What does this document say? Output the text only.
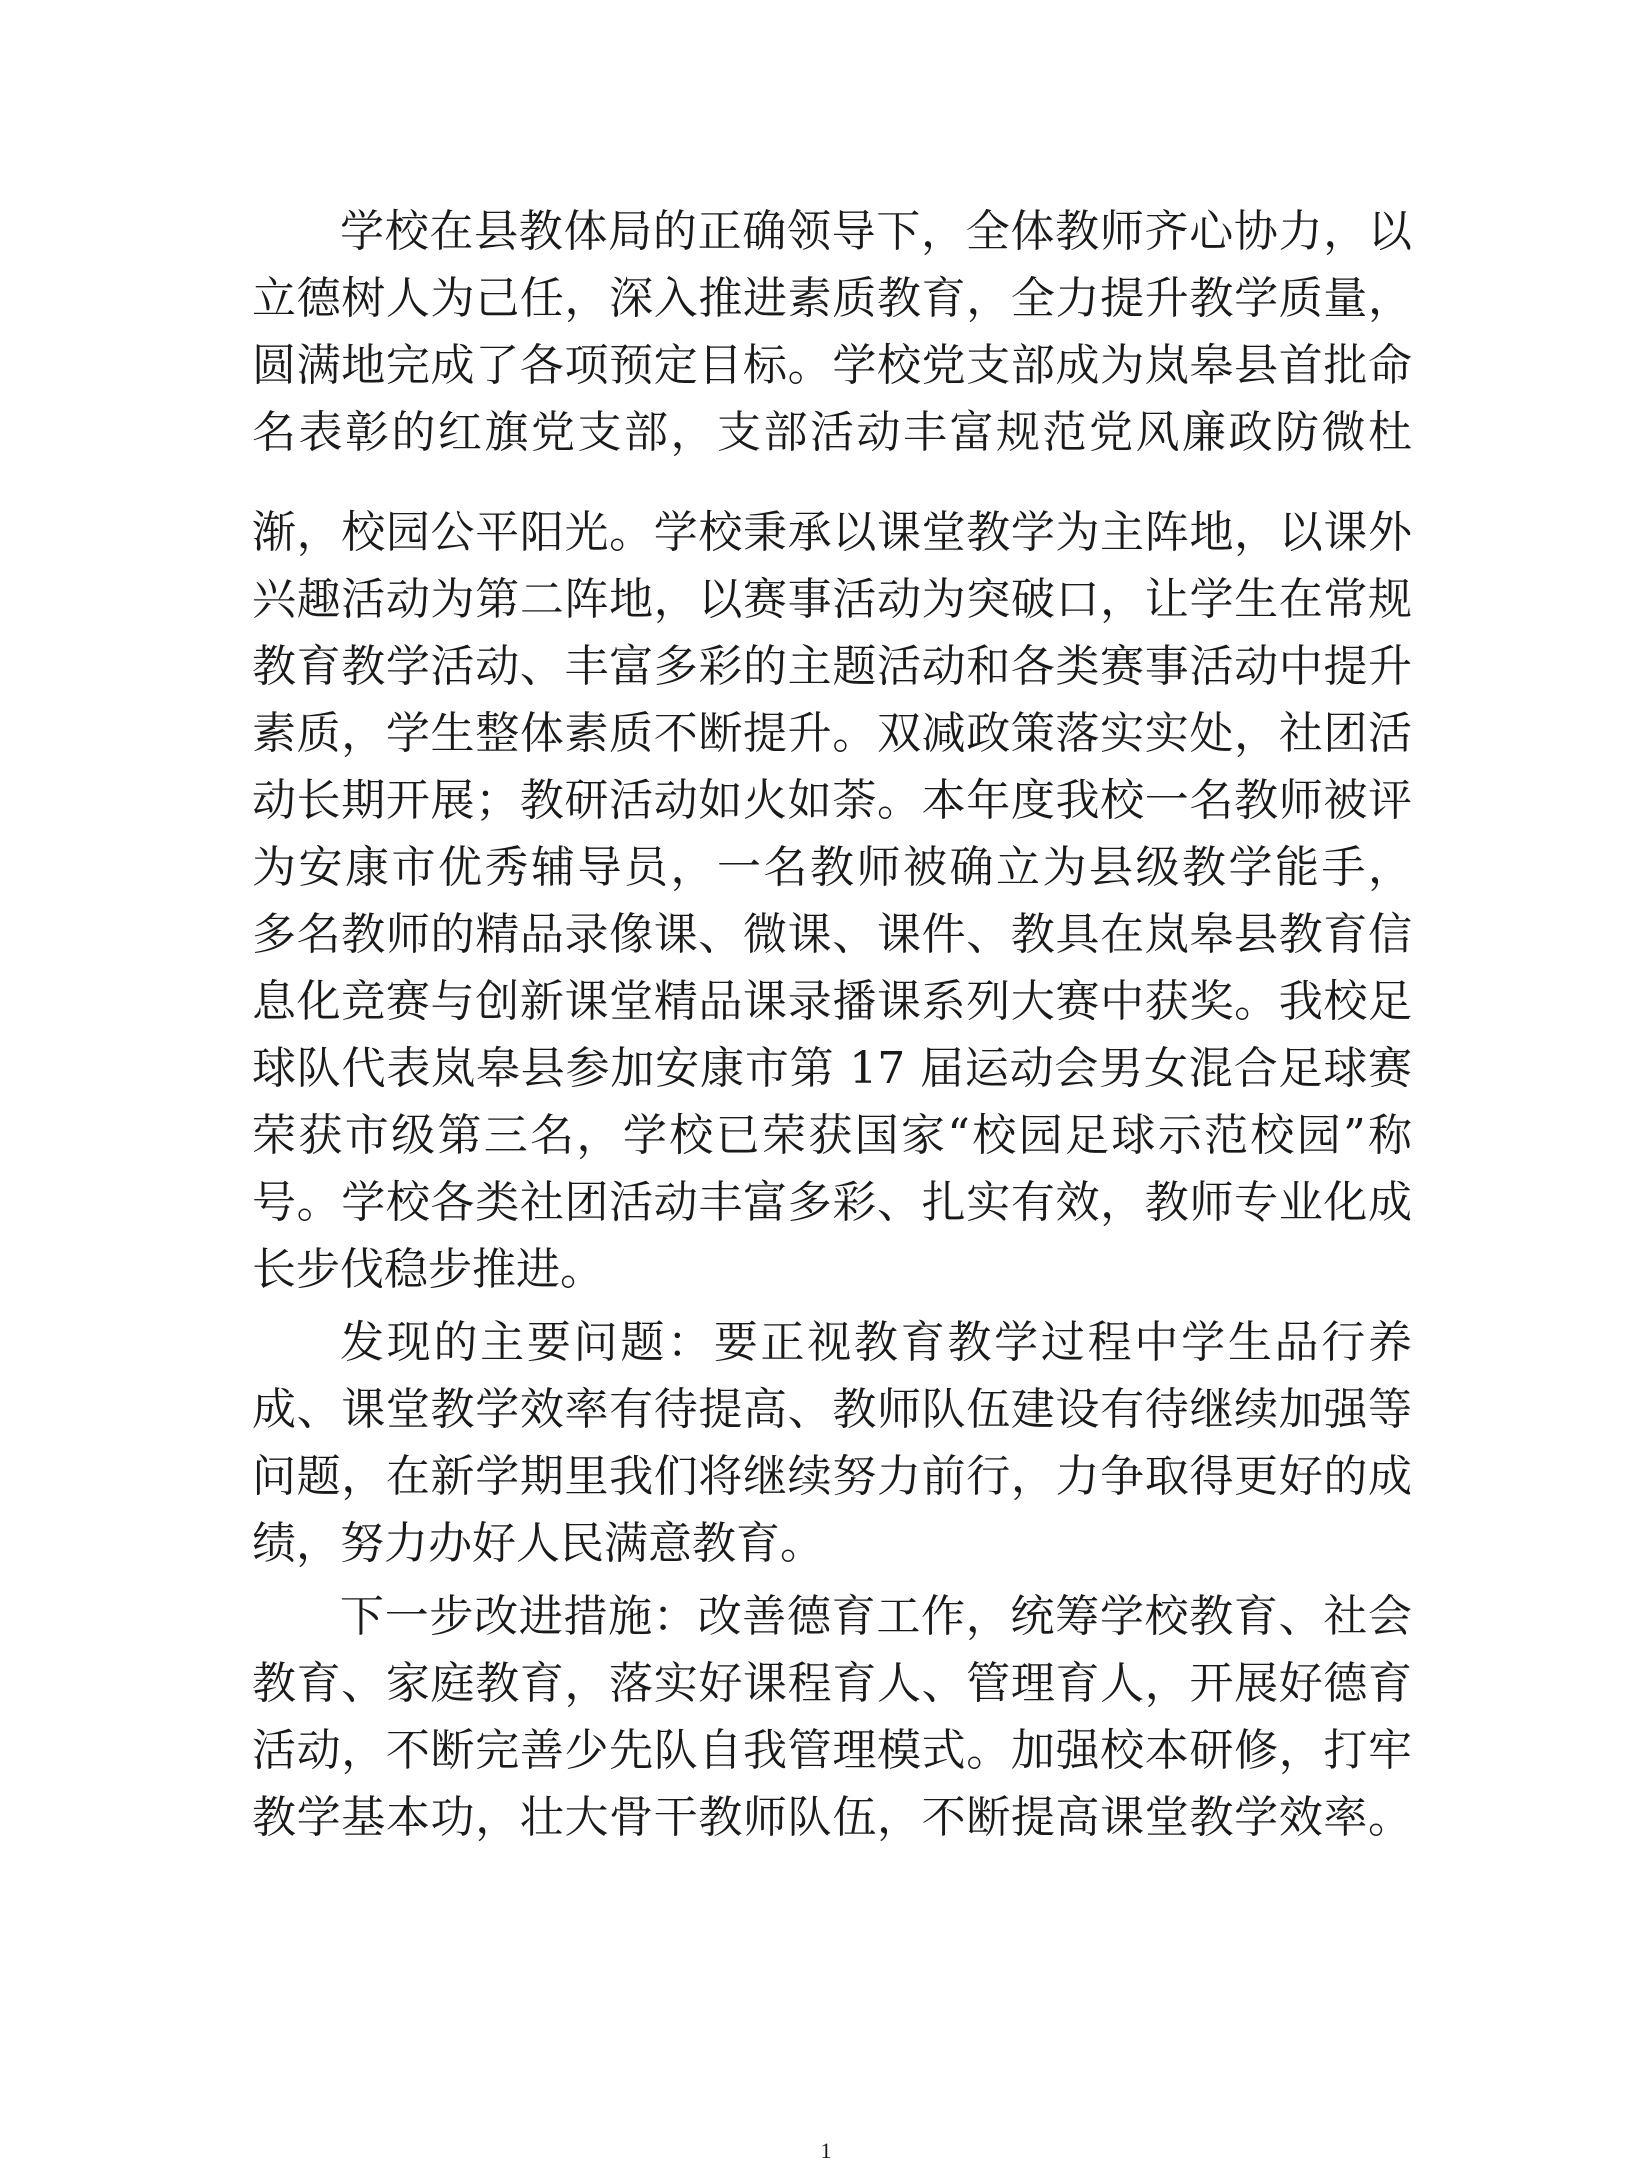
学校在县教体局的正确领导下，全体教师齐心协力，以
立德树人为己任，深入推进素质教育，全力提升教学质量，
圆满地完成了各项预定目标。学校党支部成为岚皋县首批命
名表彰的红旗党支部，支部活动丰富规范党风廉政防微杜
渐，校园公平阳光。学校秉承以课堂教学为主阵地，以课外
兴趣活动为第二阵地，以赛事活动为突破口，让学生在常规
教育教学活动、丰富多彩的主题活动和各类赛事活动中提升
素质，学生整体素质不断提升。双减政策落实实处，社团活
动长期开展；教研活动如火如荼。本年度我校一名教师被评
为安康市优秀辅导员，一名教师被确立为县级教学能手，
多名教师的精品录像课、微课、课件、教具在岚皋县教育信
息化竞赛与创新课堂精品课录播课系列大赛中获奖。我校足
球队代表岚皋县参加安康市第 17 届运动会男女混合足球赛
荣获市级第三名，学校已荣获国家“校园足球示范校园”称
号。学校各类社团活动丰富多彩、扎实有效，教师专业化成
长步伐稳步推进。
发现的主要问题：要正视教育教学过程中学生品行养
成、课堂教学效率有待提高、教师队伍建设有待继续加强等
问题，在新学期里我们将继续努力前行，力争取得更好的成
绩，努力办好人民满意教育。
下一步改进措施：改善德育工作，统筹学校教育、社会
教育、家庭教育，落实好课程育人、管理育人，开展好德育
活动，不断完善少先队自我管理模式。加强校本研修，打牢
教学基本功，壮大骨干教师队伍，不断提高课堂教学效率。
1
